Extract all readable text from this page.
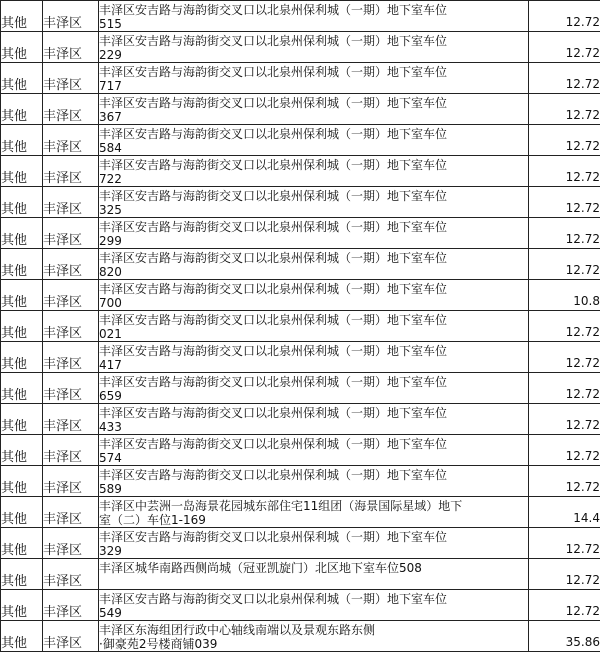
其他	丰泽区	丰泽区安吉路与海韵街交叉口以北泉州保利城（一期）地下室车位
515	12.72
其他	丰泽区	丰泽区安吉路与海韵街交叉口以北泉州保利城（一期）地下室车位
229	12.72
其他	丰泽区	丰泽区安吉路与海韵街交叉口以北泉州保利城（一期）地下室车位
717	12.72
其他	丰泽区	丰泽区安吉路与海韵街交叉口以北泉州保利城（一期）地下室车位
367	12.72
其他	丰泽区	丰泽区安吉路与海韵街交叉口以北泉州保利城（一期）地下室车位
584	12.72
其他	丰泽区	丰泽区安吉路与海韵街交叉口以北泉州保利城（一期）地下室车位
722	12.72
其他	丰泽区	丰泽区安吉路与海韵街交叉口以北泉州保利城（一期）地下室车位
325	12.72
其他	丰泽区	丰泽区安吉路与海韵街交叉口以北泉州保利城（一期）地下室车位
299	12.72
其他	丰泽区	丰泽区安吉路与海韵街交叉口以北泉州保利城（一期）地下室车位
820	12.72
其他	丰泽区	丰泽区安吉路与海韵街交叉口以北泉州保利城（一期）地下室车位
700	10.8
其他	丰泽区	丰泽区安吉路与海韵街交叉口以北泉州保利城（一期）地下室车位
021	12.72
其他	丰泽区	丰泽区安吉路与海韵街交叉口以北泉州保利城（一期）地下室车位
417	12.72
其他	丰泽区	丰泽区安吉路与海韵街交叉口以北泉州保利城（一期）地下室车位
659	12.72
其他	丰泽区	丰泽区安吉路与海韵街交叉口以北泉州保利城（一期）地下室车位
433	12.72
其他	丰泽区	丰泽区安吉路与海韵街交叉口以北泉州保利城（一期）地下室车位
574	12.72
其他	丰泽区	丰泽区安吉路与海韵街交叉口以北泉州保利城（一期）地下室车位
589	12.72
其他	丰泽区	丰泽区中芸洲一岛海景花园城东部住宅11组团（海景国际星域）地下
室（二）车位1-169	14.4
其他	丰泽区	丰泽区安吉路与海韵街交叉口以北泉州保利城（一期）地下室车位
329	12.72
其他	丰泽区	丰泽区城华南路西侧尚城（冠亚凯旋门）北区地下室车位508	12.72
其他	丰泽区	丰泽区安吉路与海韵街交叉口以北泉州保利城（一期）地下室车位
549	12.72
其他	丰泽区	丰泽区东海组团行政中心轴线南端以及景观东路东侧
·御豪苑2号楼商铺039	35.86
